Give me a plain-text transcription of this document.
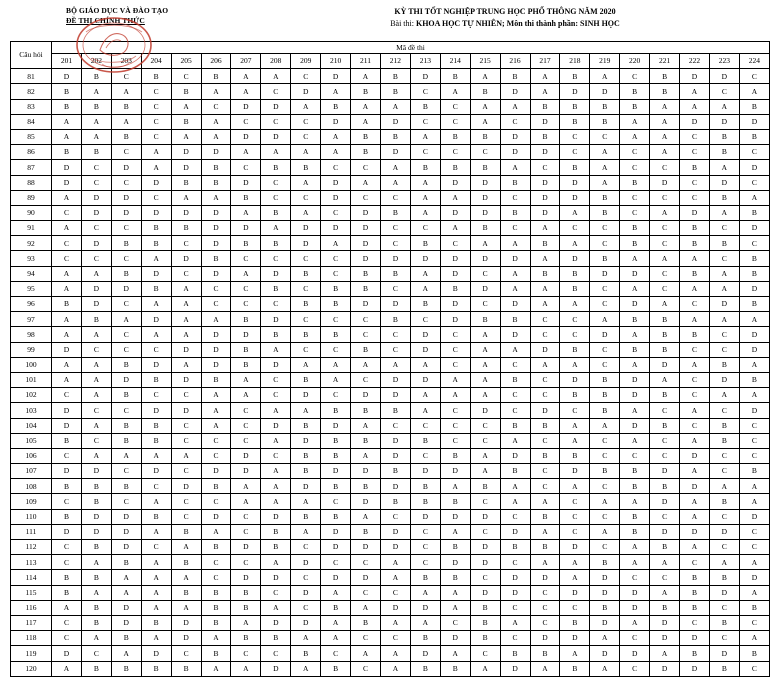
BỘ GIÁO DỤC VÀ ĐÀO TẠO
ĐỀ THI CHÍNH THỨC
KỲ THI TỐT NGHIỆP TRUNG HỌC PHỔ THÔNG NĂM 2020
Bài thi: KHOA HỌC TỰ NHIÊN; Môn thi thành phần: SINH HỌC
Câu hỏi	Mã đề thi																							
	201	202	203	204	205	206	207	208	209	210	211	212	213	214	215	216	217	218	219	220	221	222	223	224
81	D	B	C	B	C	B	A	A	C	D	A	B	D	B	A	B	A	B	A	C	B	D	D	C
82	B	A	A	C	B	A	A	C	D	A	B	B	C	A	B	D	A	D	D	B	B	A	C	A
83	B	B	B	C	A	C	D	D	A	B	A	A	B	C	A	A	B	B	B	B	A	A	A	B
84	A	A	A	C	B	A	C	C	C	D	A	D	C	C	A	C	D	B	B	A	A	D	D	D
85	A	A	B	C	A	A	D	D	C	A	B	B	A	B	B	D	B	C	C	A	A	C	B	B
86	B	B	C	A	D	D	A	A	A	A	B	D	C	C	C	D	D	C	A	C	A	C	B	C
87	D	C	D	A	D	B	C	B	B	C	C	A	B	B	B	A	C	B	A	C	C	B	A	D
88	D	C	C	D	B	B	D	C	A	D	A	A	A	D	D	B	D	D	A	B	D	C	D	C
89	A	D	D	C	A	A	B	C	C	D	C	C	A	A	D	C	D	D	B	C	C	C	B	A
90	C	D	D	D	D	D	A	B	A	C	D	B	A	D	D	B	D	A	B	C	A	D	A	B
91	A	C	C	B	B	D	D	A	D	D	D	C	C	A	B	C	A	C	C	B	C	B	C	D
92	C	D	B	B	C	D	B	B	D	A	D	C	B	C	A	A	B	A	C	B	C	B	B	C
93	C	C	C	A	D	B	C	C	C	C	D	D	D	D	D	D	A	D	B	A	A	A	C	B
94	A	A	B	D	C	D	A	D	B	C	B	B	A	D	C	A	B	B	D	D	C	B	A	B
95	A	D	D	B	A	C	C	B	C	B	B	C	A	B	D	A	A	B	C	A	C	A	A	D
96	B	D	C	A	A	C	C	C	B	B	D	D	B	D	C	D	A	A	C	D	A	C	D	B
97	A	B	A	D	A	A	B	D	C	C	C	B	C	D	B	B	C	C	A	B	B	A	A	A
98	A	A	C	A	A	D	D	B	B	B	C	C	D	C	A	D	C	C	D	A	B	B	C	D
99	D	C	C	C	D	D	B	A	C	C	B	C	D	C	A	A	D	B	C	B	B	C	C	D
100	A	A	B	D	A	D	B	D	A	A	A	A	A	C	A	C	A	A	C	A	D	A	B	A
101	A	A	D	B	D	B	A	C	B	A	C	D	D	A	A	B	C	D	B	D	A	C	D	B
102	C	A	B	C	C	A	A	C	D	C	D	D	A	A	A	C	C	B	B	D	B	C	A	A
103	D	C	C	D	D	A	C	A	A	B	B	B	A	C	D	C	D	C	B	A	C	A	C	D
104	D	A	B	B	C	A	C	D	B	D	A	C	C	C	C	B	B	A	A	D	B	C	B	C
105	B	C	B	B	C	C	C	A	D	B	B	D	B	C	C	A	C	A	C	A	C	A	B	C
106	C	A	A	A	A	C	D	C	B	B	A	D	C	B	A	D	B	B	C	C	C	D	C	C
107	D	D	C	D	C	D	D	A	B	D	D	B	D	D	A	B	C	D	B	B	D	A	C	B
108	B	B	B	C	D	B	A	A	D	B	B	D	B	A	B	A	C	A	C	B	B	D	A	A
109	C	B	C	A	C	C	A	A	A	C	D	B	B	B	C	A	A	C	A	A	D	A	B	A
110	B	D	D	B	C	D	C	D	B	B	A	C	D	D	D	C	B	C	C	B	C	A	C	D
111	D	D	D	A	B	A	C	B	A	D	B	D	C	A	C	D	A	C	A	B	D	D	D	C
112	C	B	D	C	A	B	D	B	C	D	D	D	C	B	D	B	B	D	C	A	B	A	C	C
113	C	A	B	A	B	C	C	A	D	C	C	A	C	D	D	C	A	A	B	A	A	C	A	A
114	B	B	A	A	A	C	D	D	C	D	D	A	B	B	C	D	D	A	D	C	C	B	B	D
115	B	A	A	A	B	B	B	C	D	A	C	C	A	A	D	D	C	D	D	D	A	B	D	A
116	A	B	D	A	A	B	B	A	C	B	A	D	D	A	B	C	C	C	B	D	B	B	C	B
117	C	B	D	B	D	B	A	D	D	A	B	A	A	C	B	A	C	B	D	A	D	C	B	C
118	C	A	B	A	D	A	B	B	A	A	C	C	B	D	B	C	D	D	A	C	D	D	C	A
119	D	C	A	D	C	B	C	C	B	C	A	A	D	A	C	B	B	A	D	D	A	B	D	B
120	A	B	B	B	B	A	A	D	A	B	C	A	B	B	A	D	A	B	A	C	D	D	B	C
